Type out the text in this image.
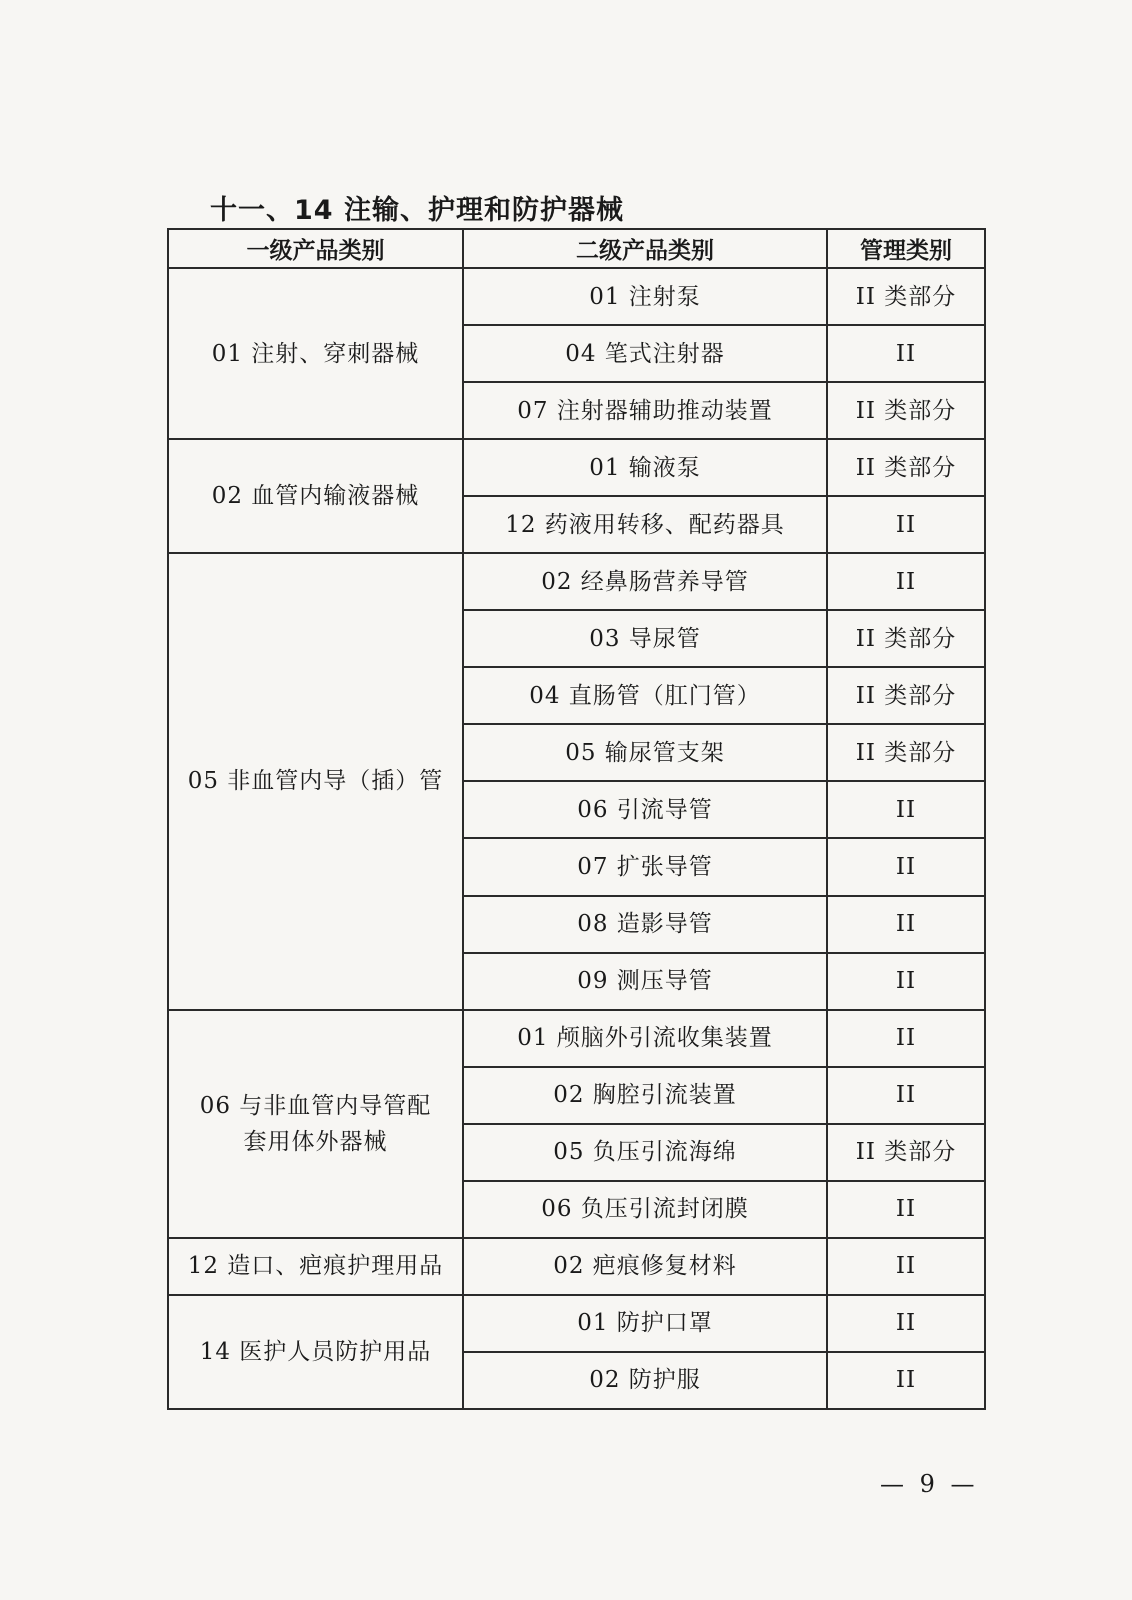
十一、14 注输、护理和防护器械
一级产品类别	二级产品类别	管理类别
01 注射、穿刺器械	01 注射泵	II 类部分
	04 笔式注射器	II
	07 注射器辅助推动装置	II 类部分
02 血管内输液器械	01 输液泵	II 类部分
	12 药液用转移、配药器具	II
05 非血管内导（插）管	02 经鼻肠营养导管	II
	03 导尿管	II 类部分
	04 直肠管（肛门管）	II 类部分
	05 输尿管支架	II 类部分
	06 引流导管	II
	07 扩张导管	II
	08 造影导管	II
	09 测压导管	II
06 与非血管内导管配套用体外器械	01 颅脑外引流收集装置	II
	02 胸腔引流装置	II
	05 负压引流海绵	II 类部分
	06 负压引流封闭膜	II
12 造口、疤痕护理用品	02 疤痕修复材料	II
14 医护人员防护用品	01 防护口罩	II
	02 防护服	II
— 9 —
